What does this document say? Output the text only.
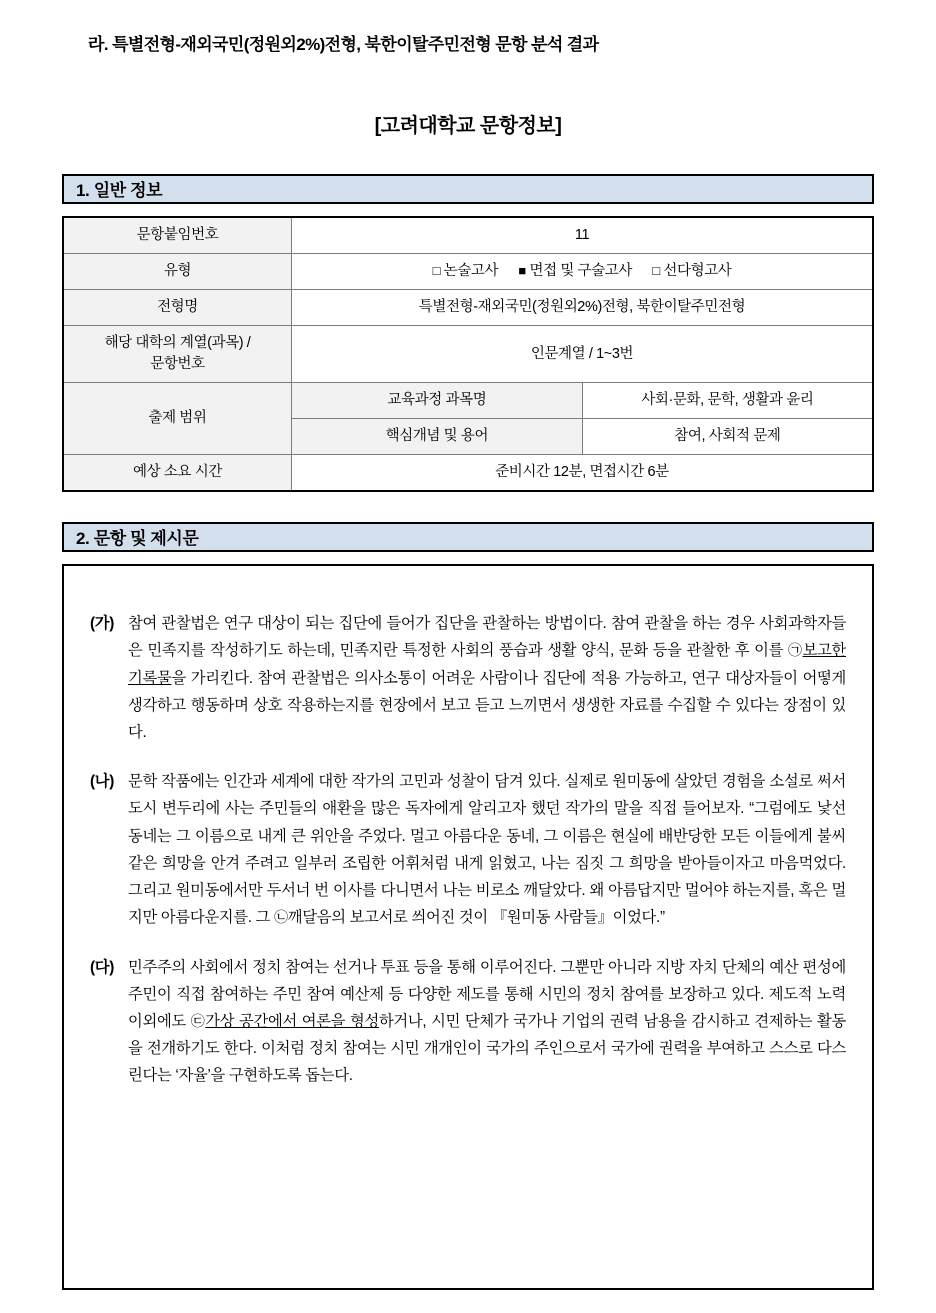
라. 특별전형-재외국민(정원외2%)전형, 북한이탈주민전형 문항 분석 결과
[고려대학교 문항정보]
1. 일반 정보
문항붙임번호	11	
유형	□ 논술고사 ■ 면접 및 구술고사 □ 선다형고사	
전형명	특별전형-재외국민(정원외2%)전형, 북한이탈주민전형	
해당 대학의 계열(과목) /
문항번호	인문계열 / 1~3번	
출제 범위	교육과정 과목명	사회·문화, 문학, 생활과 윤리
	핵심개념 및 용어	참여, 사회적 문제
예상 소요 시간	준비시간 12분, 면접시간 6분	
2. 문항 및 제시문
(가) 참여 관찰법은 연구 대상이 되는 집단에 들어가 집단을 관찰하는 방법이다. 참여 관찰을 하는 경우 사회과학자들은 민족지를 작성하기도 하는데, 민족지란 특정한 사회의 풍습과 생활 양식, 문화 등을 관찰한 후 이를 ㉠보고한 기록물을 가리킨다. 참여 관찰법은 의사소통이 어려운 사람이나 집단에 적용 가능하고, 연구 대상자들이 어떻게 생각하고 행동하며 상호 작용하는지를 현장에서 보고 듣고 느끼면서 생생한 자료를 수집할 수 있다는 장점이 있다.
(나) 문학 작품에는 인간과 세계에 대한 작가의 고민과 성찰이 담겨 있다. 실제로 원미동에 살았던 경험을 소설로 써서 도시 변두리에 사는 주민들의 애환을 많은 독자에게 알리고자 했던 작가의 말을 직접 들어보자. “그럼에도 낯선 동네는 그 이름으로 내게 큰 위안을 주었다. 멀고 아름다운 동네, 그 이름은 현실에 배반당한 모든 이들에게 불씨 같은 희망을 안겨 주려고 일부러 조립한 어휘처럼 내게 읽혔고, 나는 짐짓 그 희망을 받아들이자고 마음먹었다. 그리고 원미동에서만 두서너 번 이사를 다니면서 나는 비로소 깨달았다. 왜 아름답지만 멀어야 하는지를, 혹은 멀지만 아름다운지를. 그 ㉡깨달음의 보고서로 씌어진 것이 『원미동 사람들』이었다.”
(다) 민주주의 사회에서 정치 참여는 선거나 투표 등을 통해 이루어진다. 그뿐만 아니라 지방 자치 단체의 예산 편성에 주민이 직접 참여하는 주민 참여 예산제 등 다양한 제도를 통해 시민의 정치 참여를 보장하고 있다. 제도적 노력 이외에도 ㉢가상 공간에서 여론을 형성하거나, 시민 단체가 국가나 기업의 권력 남용을 감시하고 견제하는 활동을 전개하기도 한다. 이처럼 정치 참여는 시민 개개인이 국가의 주인으로서 국가에 권력을 부여하고 스스로 다스린다는 ‘자율’을 구현하도록 돕는다.
